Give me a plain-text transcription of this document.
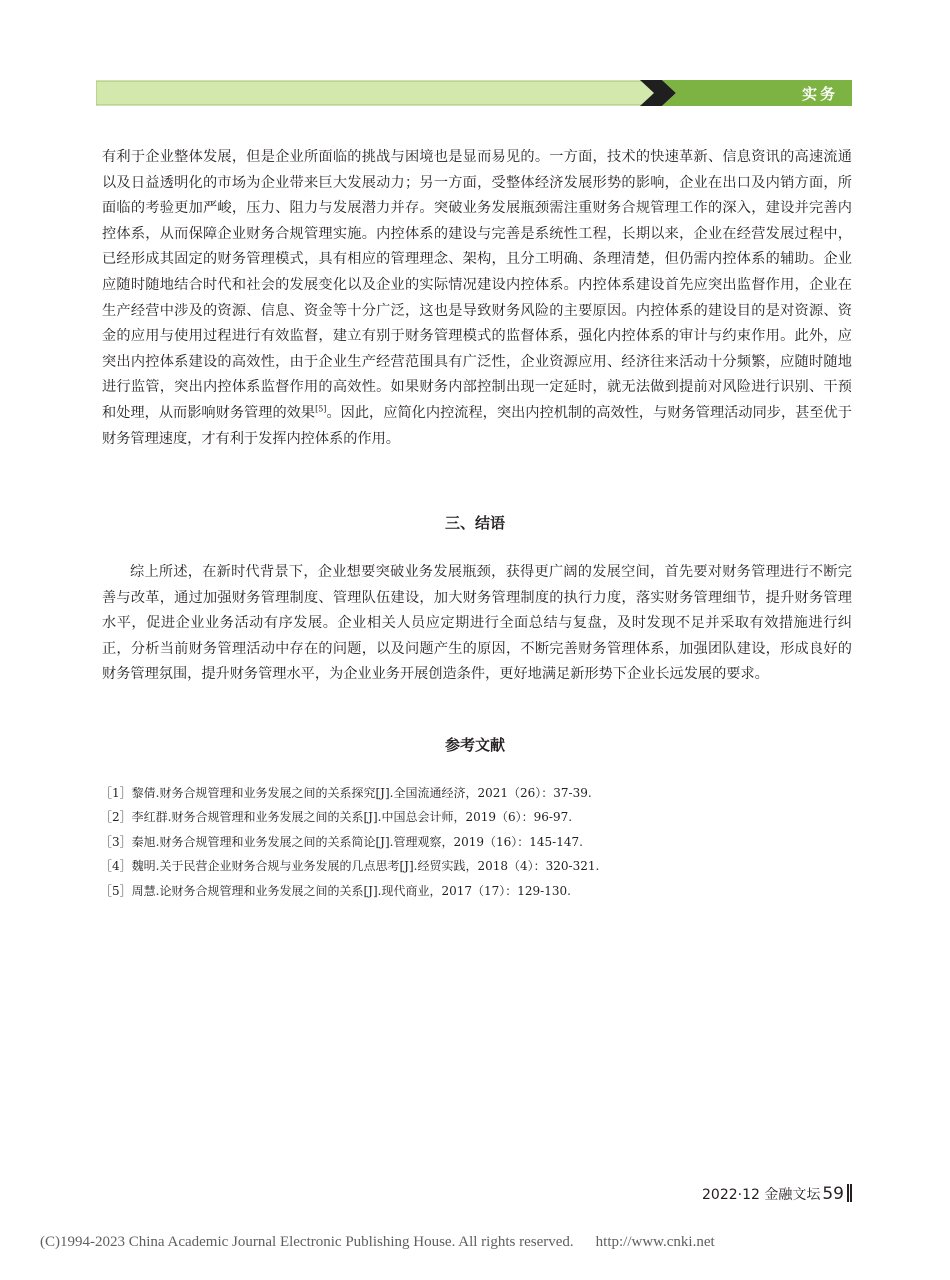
实务

有利于企业整体发展，但是企业所面临的挑战与困境也是显而易见的。一方面，技术的快速革新、信息资讯的高速流通以及日益透明化的市场为企业带来巨大发展动力；另一方面，受整体经济发展形势的影响，企业在出口及内销方面，所面临的考验更加严峻，压力、阻力与发展潜力并存。突破业务发展瓶颈需注重财务合规管理工作的深入，建设并完善内控体系，从而保障企业财务合规管理实施。内控体系的建设与完善是系统性工程，长期以来，企业在经营发展过程中，已经形成其固定的财务管理模式，具有相应的管理理念、架构，且分工明确、条理清楚，但仍需内控体系的辅助。企业应随时随地结合时代和社会的发展变化以及企业的实际情况建设内控体系。内控体系建设首先应突出监督作用，企业在生产经营中涉及的资源、信息、资金等十分广泛，这也是导致财务风险的主要原因。内控体系的建设目的是对资源、资金的应用与使用过程进行有效监督，建立有别于财务管理模式的监督体系，强化内控体系的审计与约束作用。此外，应突出内控体系建设的高效性，由于企业生产经营范围具有广泛性，企业资源应用、经济往来活动十分频繁，应随时随地进行监管，突出内控体系监督作用的高效性。如果财务内部控制出现一定延时，就无法做到提前对风险进行识别、干预和处理，从而影响财务管理的效果[5]。因此，应简化内控流程，突出内控机制的高效性，与财务管理活动同步，甚至优于财务管理速度，才有利于发挥内控体系的作用。

三、结语

综上所述，在新时代背景下，企业想要突破业务发展瓶颈，获得更广阔的发展空间，首先要对财务管理进行不断完善与改革，通过加强财务管理制度、管理队伍建设，加大财务管理制度的执行力度，落实财务管理细节，提升财务管理水平，促进企业业务活动有序发展。企业相关人员应定期进行全面总结与复盘，及时发现不足并采取有效措施进行纠正，分析当前财务管理活动中存在的问题，以及问题产生的原因，不断完善财务管理体系，加强团队建设，形成良好的财务管理氛围，提升财务管理水平，为企业业务开展创造条件，更好地满足新形势下企业长远发展的要求。

参考文献
［1］黎倩.财务合规管理和业务发展之间的关系探究[J].全国流通经济，2021（26）：37-39.
［2］李红群.财务合规管理和业务发展之间的关系[J].中国总会计师，2019（6）：96-97.
［3］秦旭.财务合规管理和业务发展之间的关系简论[J].管理观察，2019（16）：145-147.
［4］魏明.关于民营企业财务合规与业务发展的几点思考[J].经贸实践，2018（4）：320-321.
［5］周慧.论财务合规管理和业务发展之间的关系[J].现代商业，2017（17）：129-130.
2022·12 金融文坛 59
(C)1994-2023 China Academic Journal Electronic Publishing House. All rights reserved. http://www.cnki.net
